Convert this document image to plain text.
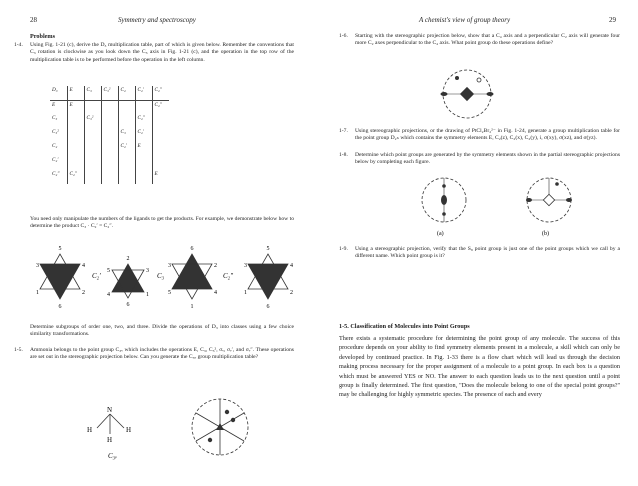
28	Symmetry and spectroscopy
Problems
1-4. Using Fig. 1-21 (c), derive the D₃ multiplication table, part of which is given below. Remember the conventions that C₃ rotation is clockwise as you look down the C₃ axis in Fig. 1-21 (c), and the operation in the top row of the multiplication table is to be performed before the operation in the left column.
D₃	E	C₃	C₃²	C₂	C₂′	C₂″
E	E					C₂″
C₃		C₃²			C₂″	
C₃²				C₃	C₂′	
C₂				C₂′	E	
C₂′						
C₂″	C₂″					E
You need only manipulate the numbers of the ligands to get the products. For example, we demonstrate below how to determine the product C₃ · C₂′ = C₂″.
5
3	4
1	2
6
C₂′
2
5	3
4	1
6
C₃
6
3	2
5	4
1
C₂″
5
3	4
1	2
6
Determine subgroups of order one, two, and three. Divide the operations of D₃ into classes using a few choice similarity transformations.
1-5. Ammonia belongs to the point group C₃ᵥ which includes the operations E, C₃, C₃², σᵥ, σᵥ′, and σᵥ″. These operations are set out in the stereographic projection below. Can you generate the C₃ᵥ group multiplication table?
N
H	H
H
C₃ᵥ
A chemist's view of group theory	29
1-6. Starting with the stereographic projection below, show that a C₄ axis and a perpendicular C₂ axis will generate four more C₂ axes perpendicular to the C₄ axis. What point group do these operations define?
1-7. Using stereographic projections, or the drawing of PtCl₂Br₂²⁻ in Fig. 1-24, generate a group multiplication table for the point group D₂ₕ which contains the symmetry elements E, C₂(z), C₂(x), C₂(y), i, σ(xy), σ(xz), and σ(yz).
1-8. Determine which point groups are generated by the symmetry elements shown in the partial stereographic projections below by completing each figure.
(a)	(b)
1-9. Using a stereographic projection, verify that the S₈ point group is just one of the point groups which we call by a different name. Which point group is it?
1-5. Classification of Molecules into Point Groups
There exists a systematic procedure for determining the point group of any molecule. The success of this procedure depends on your ability to find symmetry elements present in a molecule, a skill which can only be developed by continued practice. In Fig. 1-33 there is a flow chart which will lead us through the decision making process necessary for the proper assignment of a molecule to a point group. In each box is a question which must be answered YES or NO. The answer to each question leads us to the next question until a point group is finally determined. The first question, "Does the molecule belong to one of the special point groups?" may be challenging for highly symmetric species. The presence of each and every
